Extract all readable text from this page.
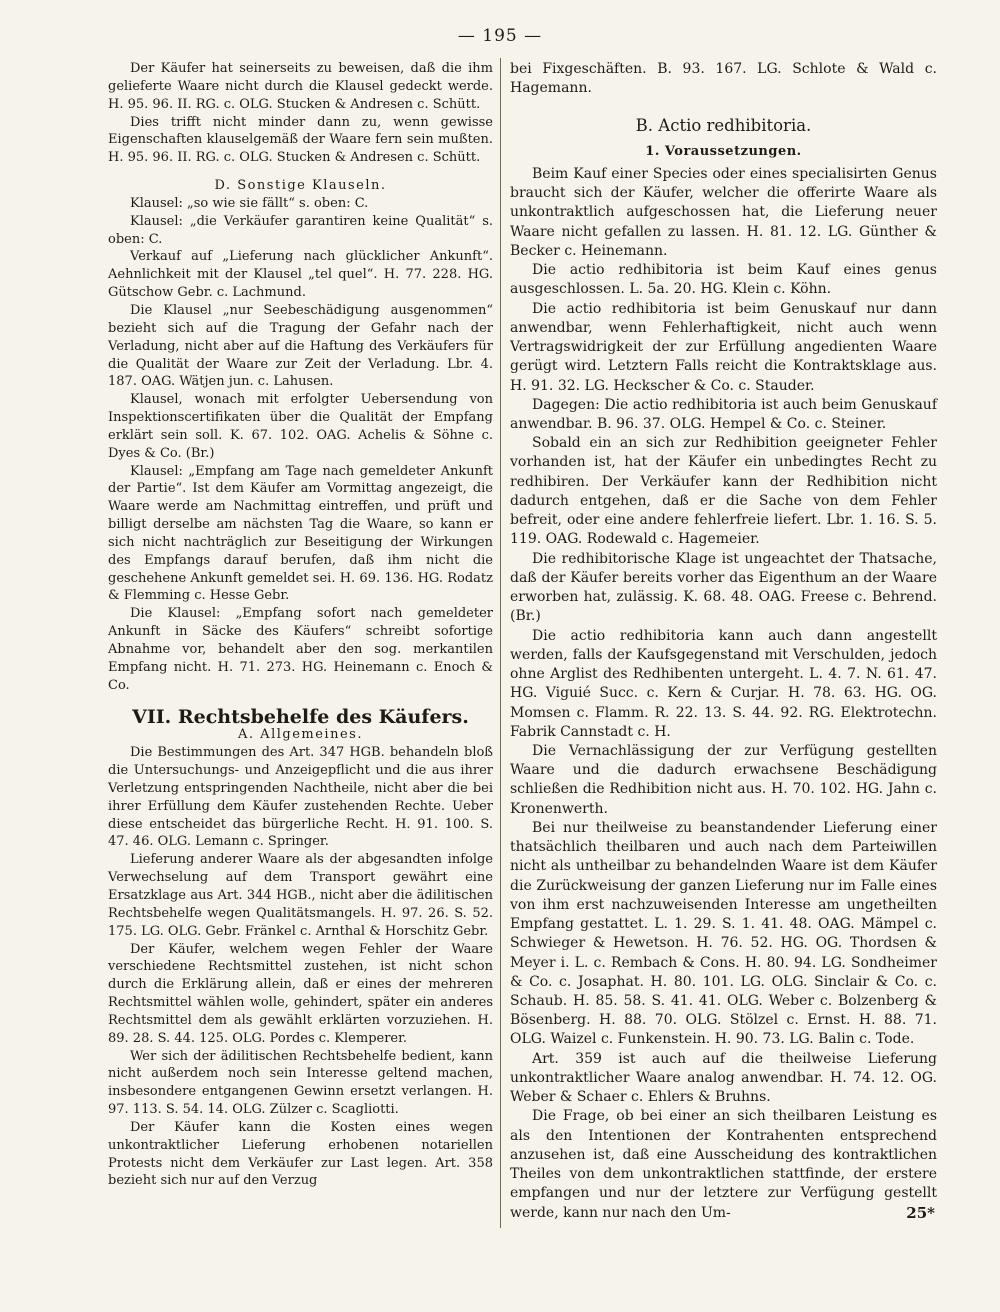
— 195 —

Der Käufer hat seinerseits zu beweisen, daß die ihm gelieferte Waare nicht durch die Klausel gedeckt werde. H. 95. 96. II. RG. c. OLG. Stucken & Andresen c. Schütt.

Dies trifft nicht minder dann zu, wenn gewisse Eigenschaften klauselgemäß der Waare fern sein mußten. H. 95. 96. II. RG. c. OLG. Stucken & Andresen c. Schütt.

D. Sonstige Klauseln.

Klausel: „so wie sie fällt“ s. oben: C.

Klausel: „die Verkäufer garantiren keine Qualität“ s. oben: C.

Verkauf auf „Lieferung nach glücklicher Ankunft“. Aehnlichkeit mit der Klausel „tel quel“. H. 77. 228. HG. Gütschow Gebr. c. Lachmund.

Die Klausel „nur Seebeschädigung ausgenommen“ bezieht sich auf die Tragung der Gefahr nach der Verladung, nicht aber auf die Haftung des Verkäufers für die Qualität der Waare zur Zeit der Verladung. Lbr. 4. 187. OAG. Wätjen jun. c. Lahusen.

Klausel, wonach mit erfolgter Uebersendung von Inspektionscertifikaten über die Qualität der Empfang erklärt sein soll. K. 67. 102. OAG. Achelis & Söhne c. Dyes & Co. (Br.)

Klausel: „Empfang am Tage nach gemeldeter Ankunft der Partie“. Ist dem Käufer am Vormittag angezeigt, die Waare werde am Nachmittag eintreffen, und prüft und billigt derselbe am nächsten Tag die Waare, so kann er sich nicht nachträglich zur Beseitigung der Wirkungen des Empfangs darauf berufen, daß ihm nicht die geschehene Ankunft gemeldet sei. H. 69. 136. HG. Rodatz & Flemming c. Hesse Gebr.

Die Klausel: „Empfang sofort nach gemeldeter Ankunft in Säcke des Käufers“ schreibt sofortige Abnahme vor, behandelt aber den sog. merkantilen Empfang nicht. H. 71. 273. HG. Heinemann c. Enoch & Co.

VII. Rechtsbehelfe des Käufers.

A. Allgemeines.

Die Bestimmungen des Art. 347 HGB. behandeln bloß die Untersuchungs- und Anzeigepflicht und die aus ihrer Verletzung entspringenden Nachtheile, nicht aber die bei ihrer Erfüllung dem Käufer zustehenden Rechte. Ueber diese entscheidet das bürgerliche Recht. H. 91. 100. S. 47. 46. OLG. Lemann c. Springer.

Lieferung anderer Waare als der abgesandten infolge Verwechselung auf dem Transport gewährt eine Ersatzklage aus Art. 344 HGB., nicht aber die ädilitischen Rechtsbehelfe wegen Qualitätsmangels. H. 97. 26. S. 52. 175. LG. OLG. Gebr. Fränkel c. Arnthal & Horschitz Gebr.

Der Käufer, welchem wegen Fehler der Waare verschiedene Rechtsmittel zustehen, ist nicht schon durch die Erklärung allein, daß er eines der mehreren Rechtsmittel wählen wolle, gehindert, später ein anderes Rechtsmittel dem als gewählt erklärten vorzuziehen. H. 89. 28. S. 44. 125. OLG. Pordes c. Klemperer.

Wer sich der ädilitischen Rechtsbehelfe bedient, kann nicht außerdem noch sein Interesse geltend machen, insbesondere entgangenen Gewinn ersetzt verlangen. H. 97. 113. S. 54. 14. OLG. Zülzer c. Scagliotti.

Der Käufer kann die Kosten eines wegen unkontraktlicher Lieferung erhobenen notariellen Protests nicht dem Verkäufer zur Last legen. Art. 358 bezieht sich nur auf den Verzug

bei Fixgeschäften. B. 93. 167. LG. Schlote & Wald c. Hagemann.

B. Actio redhibitoria.

1. Voraussetzungen.

Beim Kauf einer Species oder eines specialisirten Genus braucht sich der Käufer, welcher die offerirte Waare als unkontraktlich aufgeschossen hat, die Lieferung neuer Waare nicht gefallen zu lassen. H. 81. 12. LG. Günther & Becker c. Heinemann.

Die actio redhibitoria ist beim Kauf eines genus ausgeschlossen. L. 5a. 20. HG. Klein c. Köhn.

Die actio redhibitoria ist beim Genuskauf nur dann anwendbar, wenn Fehlerhaftigkeit, nicht auch wenn Vertragswidrigkeit der zur Erfüllung angedienten Waare gerügt wird. Letztern Falls reicht die Kontraktsklage aus. H. 91. 32. LG. Heckscher & Co. c. Stauder.

Dagegen: Die actio redhibitoria ist auch beim Genuskauf anwendbar. B. 96. 37. OLG. Hempel & Co. c. Steiner.

Sobald ein an sich zur Redhibition geeigneter Fehler vorhanden ist, hat der Käufer ein unbedingtes Recht zu redhibiren. Der Verkäufer kann der Redhibition nicht dadurch entgehen, daß er die Sache von dem Fehler befreit, oder eine andere fehlerfreie liefert. Lbr. 1. 16. S. 5. 119. OAG. Rodewald c. Hagemeier.

Die redhibitorische Klage ist ungeachtet der Thatsache, daß der Käufer bereits vorher das Eigenthum an der Waare erworben hat, zulässig. K. 68. 48. OAG. Freese c. Behrend. (Br.)

Die actio redhibitoria kann auch dann angestellt werden, falls der Kaufsgegenstand mit Verschulden, jedoch ohne Arglist des Redhibenten untergeht. L. 4. 7. N. 61. 47. HG. Viguié Succ. c. Kern & Curjar. H. 78. 63. HG. OG. Momsen c. Flamm. R. 22. 13. S. 44. 92. RG. Elektrotechn. Fabrik Cannstadt c. H.

Die Vernachlässigung der zur Verfügung gestellten Waare und die dadurch erwachsene Beschädigung schließen die Redhibition nicht aus. H. 70. 102. HG. Jahn c. Kronenwerth.

Bei nur theilweise zu beanstandender Lieferung einer thatsächlich theilbaren und auch nach dem Parteiwillen nicht als untheilbar zu behandelnden Waare ist dem Käufer die Zurückweisung der ganzen Lieferung nur im Falle eines von ihm erst nachzuweisenden Interesse am ungetheilten Empfang gestattet. L. 1. 29. S. 1. 41. 48. OAG. Mämpel c. Schwieger & Hewetson. H. 76. 52. HG. OG. Thordsen & Meyer i. L. c. Rembach & Cons. H. 80. 94. LG. Sondheimer & Co. c. Josaphat. H. 80. 101. LG. OLG. Sinclair & Co. c. Schaub. H. 85. 58. S. 41. 41. OLG. Weber c. Bolzenberg & Bösenberg. H. 88. 70. OLG. Stölzel c. Ernst. H. 88. 71. OLG. Waizel c. Funkenstein. H. 90. 73. LG. Balin c. Tode.

Art. 359 ist auch auf die theilweise Lieferung unkontraktlicher Waare analog anwendbar. H. 74. 12. OG. Weber & Schaer c. Ehlers & Bruhns.

Die Frage, ob bei einer an sich theilbaren Leistung es als den Intentionen der Kontrahenten entsprechend anzusehen ist, daß eine Ausscheidung des kontraktlichen Theiles von dem unkontraktlichen stattfinde, der erstere empfangen und nur der letztere zur Verfügung gestellt werde, kann nur nach den Um-	25*
